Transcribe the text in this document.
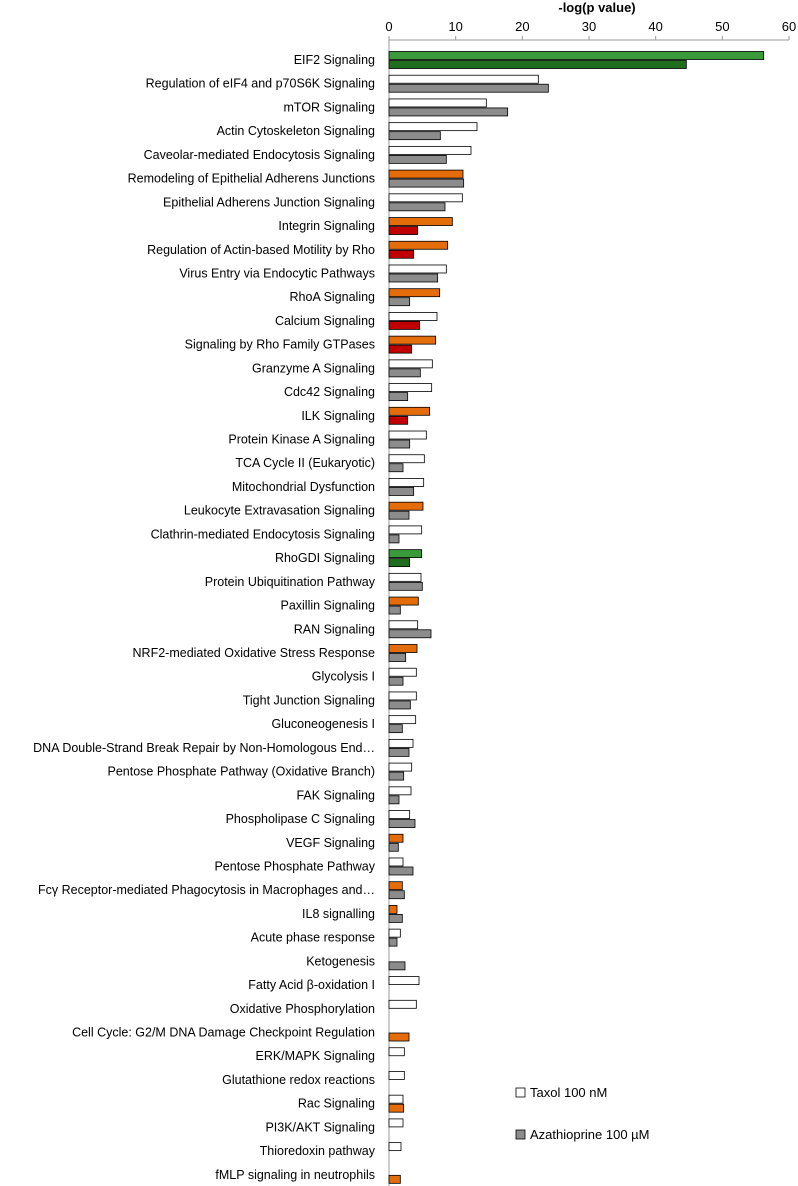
0	10	20	30	40	50	60
-log(p value)
EIF2 Signaling
Regulation of eIF4 and p70S6K Signaling
mTOR Signaling
Actin Cytoskeleton Signaling
Caveolar-mediated Endocytosis Signaling
Remodeling of Epithelial Adherens Junctions
Epithelial Adherens Junction Signaling
Integrin Signaling
Regulation of Actin-based Motility by Rho
Virus Entry via Endocytic Pathways
RhoA Signaling
Calcium Signaling
Signaling by Rho Family GTPases
Granzyme A Signaling
Cdc42 Signaling
ILK Signaling
Protein Kinase A Signaling
TCA Cycle II (Eukaryotic)
Mitochondrial Dysfunction
Leukocyte Extravasation Signaling
Clathrin-mediated Endocytosis Signaling
RhoGDI Signaling
Protein Ubiquitination Pathway
Paxillin Signaling
RAN Signaling
NRF2-mediated Oxidative Stress Response
Glycolysis I
Tight Junction Signaling
Gluconeogenesis I
DNA Double-Strand Break Repair by Non-Homologous End…
Pentose Phosphate Pathway (Oxidative Branch)
FAK Signaling
Phospholipase C Signaling
VEGF Signaling
Pentose Phosphate Pathway
Fcγ Receptor-mediated Phagocytosis in Macrophages and…
IL8 signalling
Acute phase response
Ketogenesis
Fatty Acid β-oxidation I
Oxidative Phosphorylation
Cell Cycle: G2/M DNA Damage Checkpoint Regulation
ERK/MAPK Signaling
Glutathione redox reactions
Rac Signaling
PI3K/AKT Signaling
Thioredoxin pathway
fMLP signaling in neutrophils
Taxol 100 nM
Azathioprine 100 µM
